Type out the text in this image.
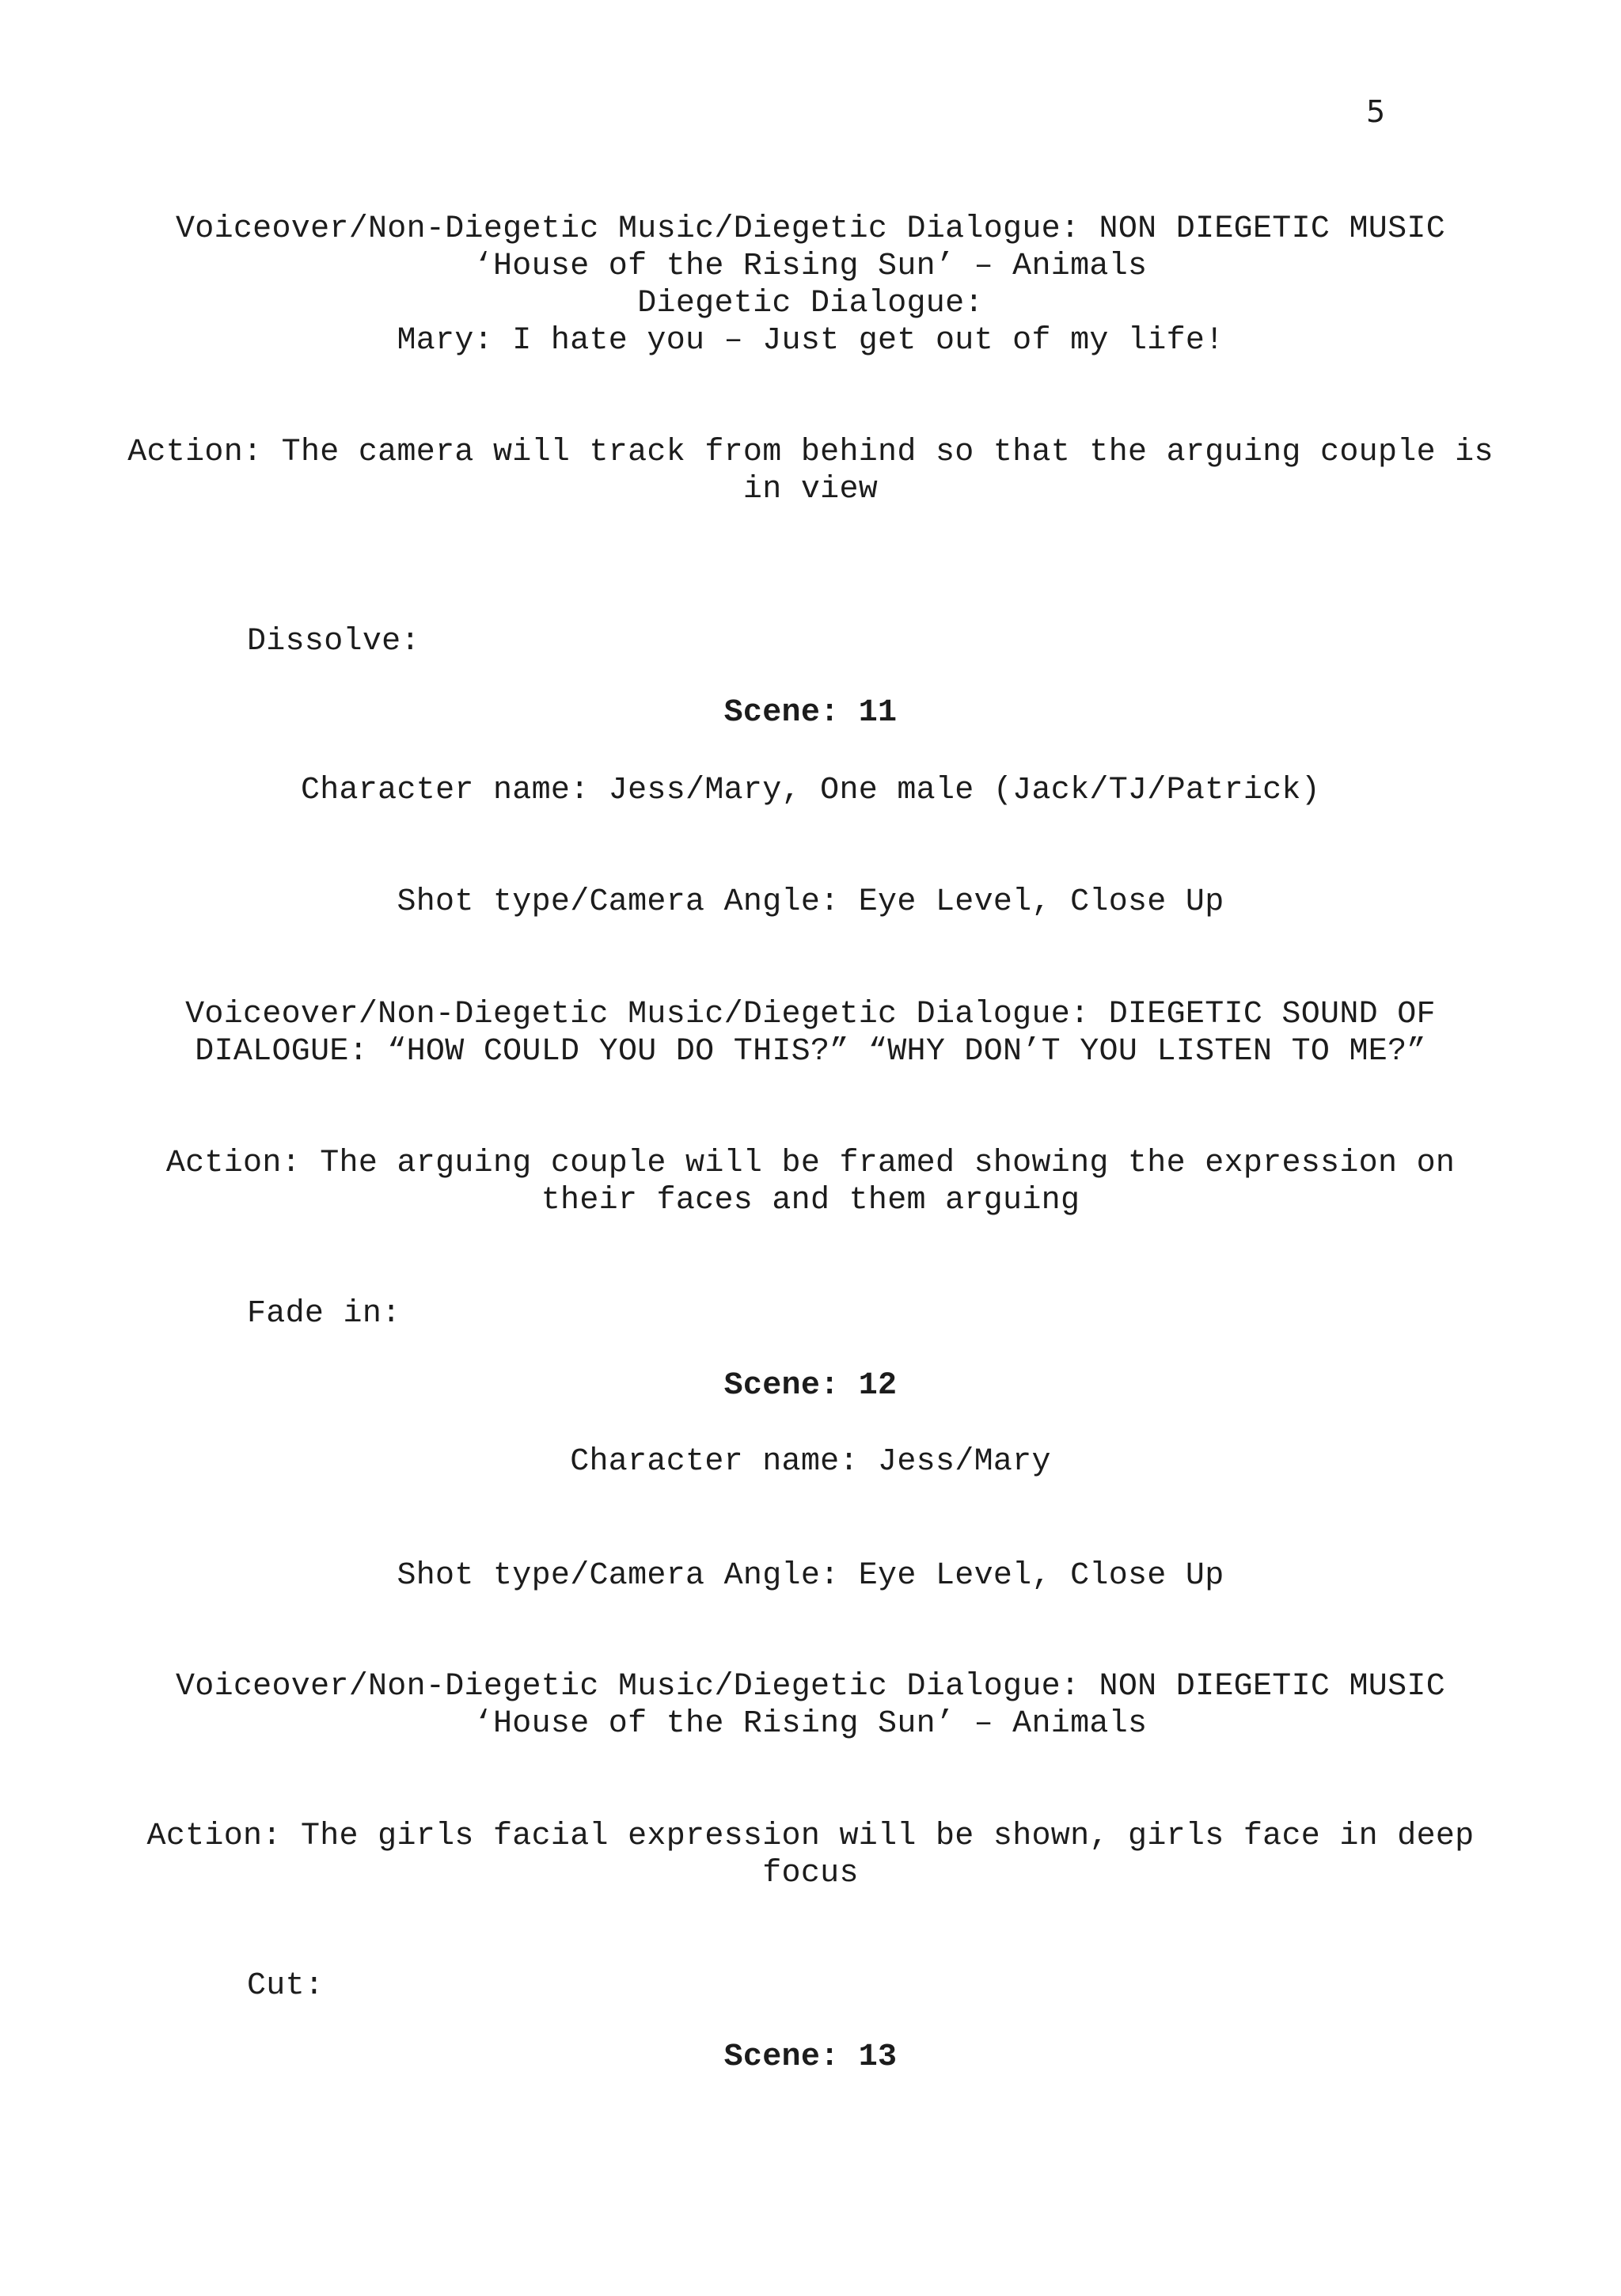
5
Voiceover/Non-Diegetic Music/Diegetic Dialogue: NON DIEGETIC MUSIC
‘House of the Rising Sun’ – Animals
Diegetic Dialogue:
Mary: I hate you – Just get out of my life!
Action: The camera will track from behind so that the arguing couple is
in view
Dissolve:
Scene: 11
Character name: Jess/Mary, One male (Jack/TJ/Patrick)
Shot type/Camera Angle: Eye Level, Close Up
Voiceover/Non-Diegetic Music/Diegetic Dialogue: DIEGETIC SOUND OF
DIALOGUE: “HOW COULD YOU DO THIS?” “WHY DON’T YOU LISTEN TO ME?”
Action: The arguing couple will be framed showing the expression on
their faces and them arguing
Fade in:
Scene: 12
Character name: Jess/Mary
Shot type/Camera Angle: Eye Level, Close Up
Voiceover/Non-Diegetic Music/Diegetic Dialogue: NON DIEGETIC MUSIC
‘House of the Rising Sun’ – Animals
Action: The girls facial expression will be shown, girls face in deep
focus
Cut:
Scene: 13
